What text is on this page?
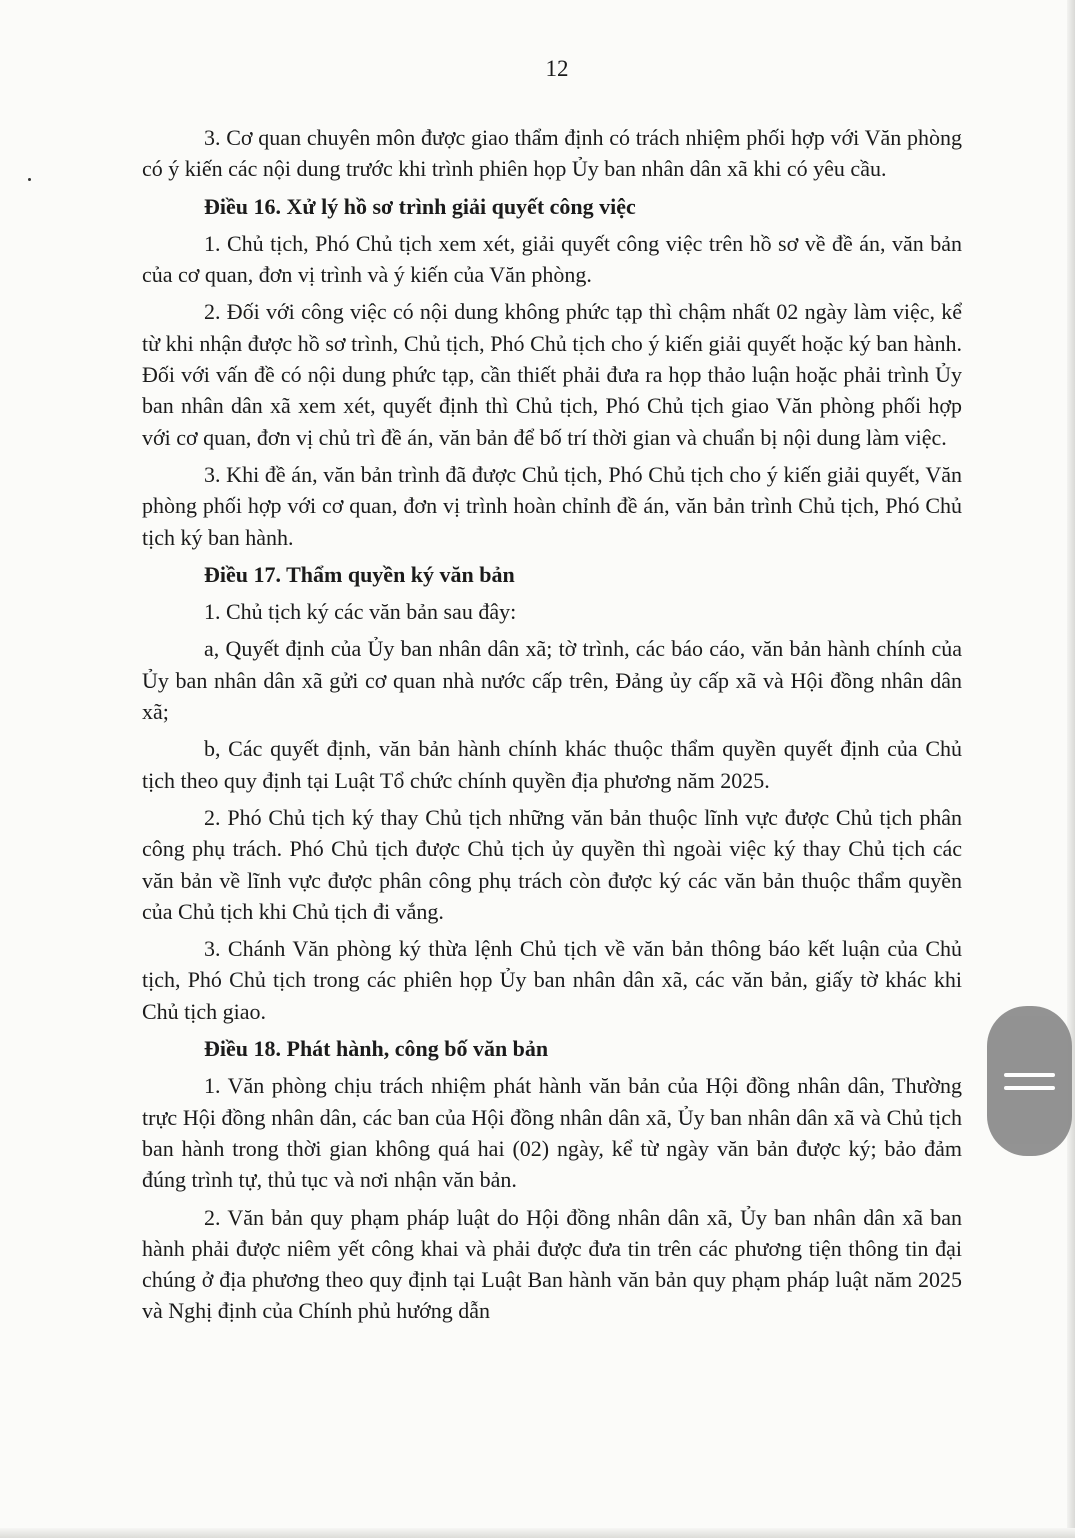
12

3. Cơ quan chuyên môn được giao thẩm định có trách nhiệm phối hợp với Văn phòng có ý kiến các nội dung trước khi trình phiên họp Ủy ban nhân dân xã khi có yêu cầu.

Điều 16. Xử lý hồ sơ trình giải quyết công việc

1. Chủ tịch, Phó Chủ tịch xem xét, giải quyết công việc trên hồ sơ về đề án, văn bản của cơ quan, đơn vị trình và ý kiến của Văn phòng.

2. Đối với công việc có nội dung không phức tạp thì chậm nhất 02 ngày làm việc, kể từ khi nhận được hồ sơ trình, Chủ tịch, Phó Chủ tịch cho ý kiến giải quyết hoặc ký ban hành. Đối với vấn đề có nội dung phức tạp, cần thiết phải đưa ra họp thảo luận hoặc phải trình Ủy ban nhân dân xã xem xét, quyết định thì Chủ tịch, Phó Chủ tịch giao Văn phòng phối hợp với cơ quan, đơn vị chủ trì đề án, văn bản để bố trí thời gian và chuẩn bị nội dung làm việc.

3. Khi đề án, văn bản trình đã được Chủ tịch, Phó Chủ tịch cho ý kiến giải quyết, Văn phòng phối hợp với cơ quan, đơn vị trình hoàn chỉnh đề án, văn bản trình Chủ tịch, Phó Chủ tịch ký ban hành.

Điều 17. Thẩm quyền ký văn bản

1. Chủ tịch ký các văn bản sau đây:

a, Quyết định của Ủy ban nhân dân xã; tờ trình, các báo cáo, văn bản hành chính của Ủy ban nhân dân xã gửi cơ quan nhà nước cấp trên, Đảng ủy cấp xã và Hội đồng nhân dân xã;

b, Các quyết định, văn bản hành chính khác thuộc thẩm quyền quyết định của Chủ tịch theo quy định tại Luật Tổ chức chính quyền địa phương năm 2025.

2. Phó Chủ tịch ký thay Chủ tịch những văn bản thuộc lĩnh vực được Chủ tịch phân công phụ trách. Phó Chủ tịch được Chủ tịch ủy quyền thì ngoài việc ký thay Chủ tịch các văn bản về lĩnh vực được phân công phụ trách còn được ký các văn bản thuộc thẩm quyền của Chủ tịch khi Chủ tịch đi vắng.

3. Chánh Văn phòng ký thừa lệnh Chủ tịch về văn bản thông báo kết luận của Chủ tịch, Phó Chủ tịch trong các phiên họp Ủy ban nhân dân xã, các văn bản, giấy tờ khác khi Chủ tịch giao.

Điều 18. Phát hành, công bố văn bản

1. Văn phòng chịu trách nhiệm phát hành văn bản của Hội đồng nhân dân, Thường trực Hội đồng nhân dân, các ban của Hội đồng nhân dân xã, Ủy ban nhân dân xã và Chủ tịch ban hành trong thời gian không quá hai (02) ngày, kể từ ngày văn bản được ký; bảo đảm đúng trình tự, thủ tục và nơi nhận văn bản.

2. Văn bản quy phạm pháp luật do Hội đồng nhân dân xã, Ủy ban nhân dân xã ban hành phải được niêm yết công khai và phải được đưa tin trên các phương tiện thông tin đại chúng ở địa phương theo quy định tại Luật Ban hành văn bản quy phạm pháp luật năm 2025 và Nghị định của Chính phủ hướng dẫn
